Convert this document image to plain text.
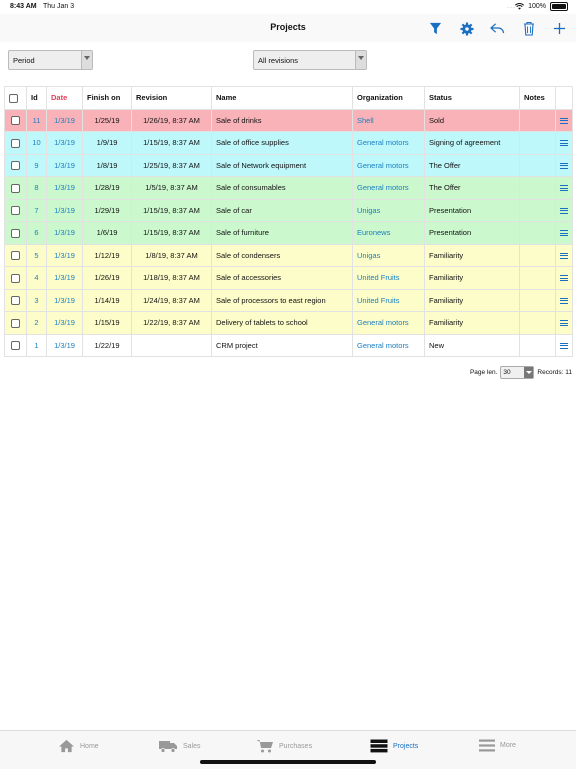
8:43 AM Thu Jan 3	··· 100%
Projects
Period	All revisions
	Id	Date	Finish on	Revision	Name	Organization	Status	Notes	
	11	1/3/19	1/25/19	1/26/19, 8:37 AM	Sale of drinks	Shell	Sold		

	10	1/3/19	1/9/19	1/15/19, 8:37 AM	Sale of office supplies	General motors	Signing of agreement		

	9	1/3/19	1/8/19	1/25/19, 8:37 AM	Sale of Network equipment	General motors	The Offer		

	8	1/3/19	1/28/19	1/5/19, 8:37 AM	Sale of consumables	General motors	The Offer		

	7	1/3/19	1/29/19	1/15/19, 8:37 AM	Sale of car	Unigas	Presentation		

	6	1/3/19	1/6/19	1/15/19, 8:37 AM	Sale of furniture	Euronews	Presentation		

	5	1/3/19	1/12/19	1/8/19, 8:37 AM	Sale of condensers	Unigas	Familiarity		

	4	1/3/19	1/26/19	1/18/19, 8:37 AM	Sale of accessories	United Fruits	Familiarity		

	3	1/3/19	1/14/19	1/24/19, 8:37 AM	Sale of processors to east region	United Fruits	Familiarity		

	2	1/3/19	1/15/19	1/22/19, 8:37 AM	Delivery of tablets to school	General motors	Familiarity		

	1	1/3/19	1/22/19		CRM project	General motors	New		
Page len. 30	Records: 11
Home	Sales	Purchases	Projects	More
